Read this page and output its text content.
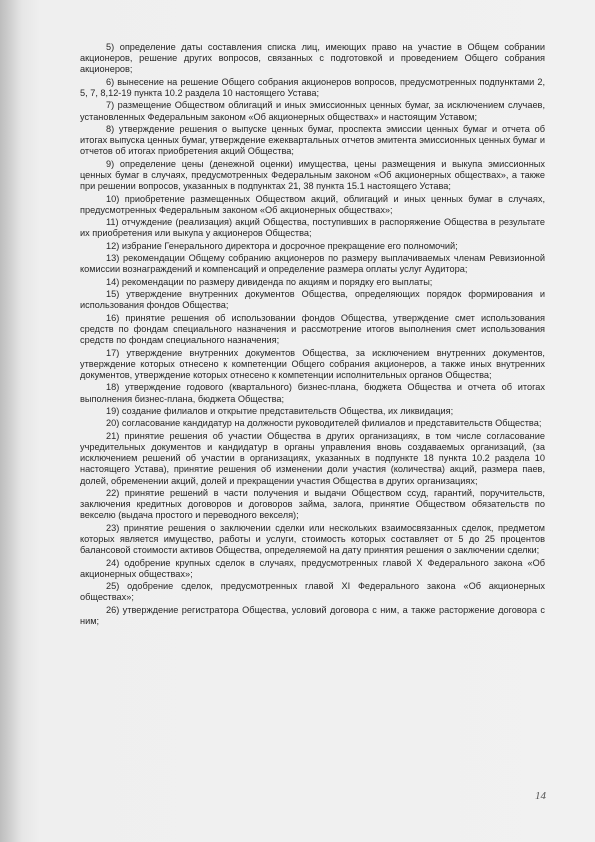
5) определение даты составления списка лиц, имеющих право на участие в Общем собрании акционеров, решение других вопросов, связанных с подготовкой и проведением Общего собрания акционеров;

6) вынесение на решение Общего собрания акционеров вопросов, предусмотренных подпунктами 2, 5, 7, 8,12-19 пункта 10.2 раздела 10 настоящего Устава;

7) размещение Обществом облигаций и иных эмиссионных ценных бумаг, за исключением случаев, установленных Федеральным законом «Об акционерных обществах» и настоящим Уставом;

8) утверждение решения о выпуске ценных бумаг, проспекта эмиссии ценных бумаг и отчета об итогах выпуска ценных бумаг, утверждение ежеквартальных отчетов эмитента эмиссионных ценных бумаг и отчетов об итогах приобретения акций Общества;

9) определение цены (денежной оценки) имущества, цены размещения и выкупа эмиссионных ценных бумаг в случаях, предусмотренных Федеральным законом «Об акционерных обществах», а также при решении вопросов, указанных в подпунктах 21, 38 пункта 15.1 настоящего Устава;

10) приобретение размещенных Обществом акций, облигаций и иных ценных бумаг в случаях, предусмотренных Федеральным законом «Об акционерных обществах»;

11) отчуждение (реализация) акций Общества, поступивших в распоряжение Общества в результате их приобретения или выкупа у акционеров Общества;

12) избрание Генерального директора и досрочное прекращение его полномочий;

13) рекомендации Общему собранию акционеров по размеру выплачиваемых членам Ревизионной комиссии вознаграждений и компенсаций и определение размера оплаты услуг Аудитора;

14) рекомендации по размеру дивиденда по акциям и порядку его выплаты;

15) утверждение внутренних документов Общества, определяющих порядок формирования и использования фондов Общества;

16) принятие решения об использовании фондов Общества, утверждение смет использования средств по фондам специального назначения и рассмотрение итогов выполнения смет использования средств по фондам специального назначения;

17) утверждение внутренних документов Общества, за исключением внутренних документов, утверждение которых отнесено к компетенции Общего собрания акционеров, а также иных внутренних документов, утверждение которых отнесено к компетенции исполнительных органов Общества;

18) утверждение годового (квартального) бизнес-плана, бюджета Общества и отчета об итогах выполнения бизнес-плана, бюджета Общества;

19) создание филиалов и открытие представительств Общества, их ликвидация;

20) согласование кандидатур на должности руководителей филиалов и представительств Общества;

21) принятие решения об участии Общества в других организациях, в том числе согласование учредительных документов и кандидатур в органы управления вновь создаваемых организаций, (за исключением решений об участии в организациях, указанных в подпункте 18 пункта 10.2 раздела 10 настоящего Устава), принятие решения об изменении доли участия (количества) акций, размера паев, долей, обременении акций, долей и прекращении участия Общества в других организациях;

22) принятие решений в части получения и выдачи Обществом ссуд, гарантий, поручительств, заключения кредитных договоров и договоров займа, залога, принятие Обществом обязательств по векселю (выдача простого и переводного векселя);

23) принятие решения о заключении сделки или нескольких взаимосвязанных сделок, предметом которых является имущество, работы и услуги, стоимость которых составляет от 5 до 25 процентов балансовой стоимости активов Общества, определяемой на дату принятия решения о заключении сделки;

24) одобрение крупных сделок в случаях, предусмотренных главой X Федерального закона «Об акционерных обществах»;

25) одобрение сделок, предусмотренных главой XI Федерального закона «Об акционерных обществах»;

26) утверждение регистратора Общества, условий договора с ним, а также расторжение договора с ним;

14
